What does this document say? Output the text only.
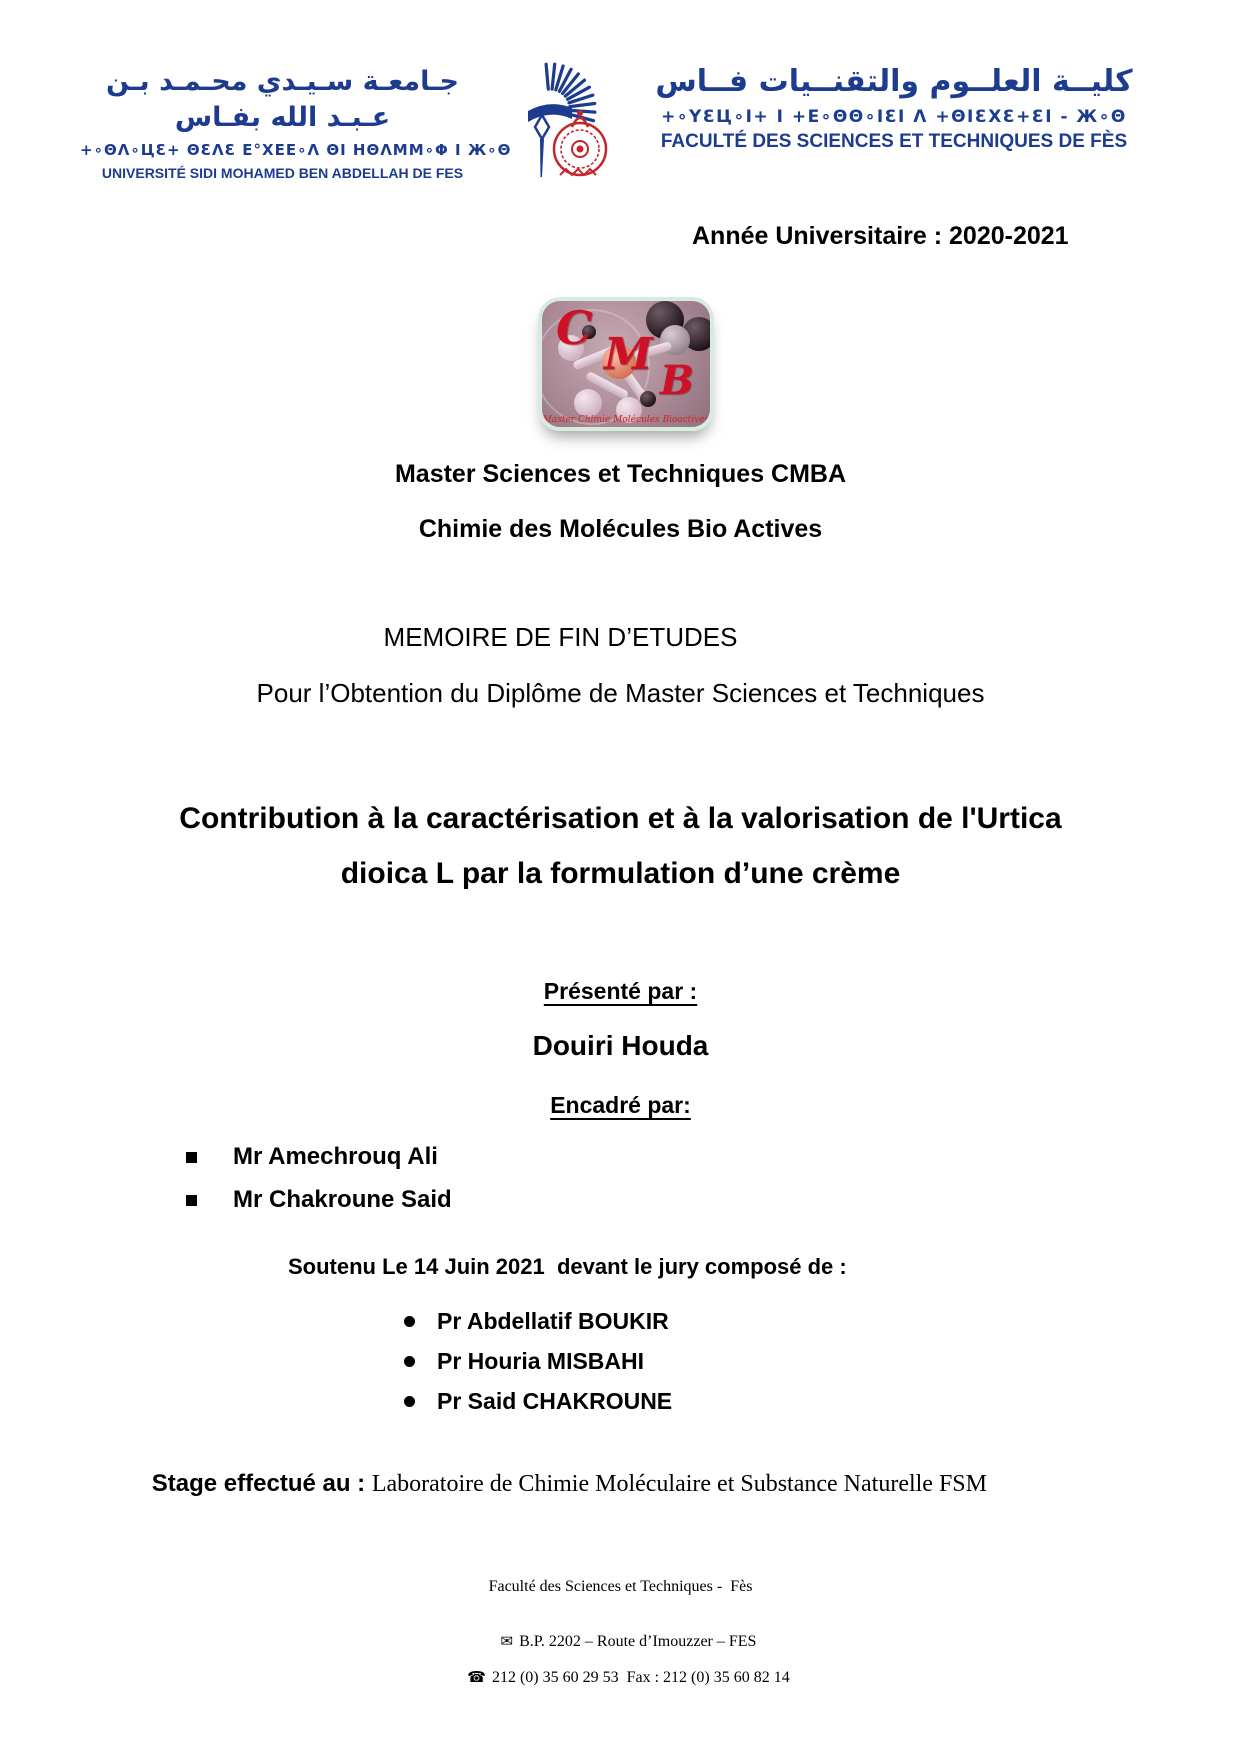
جـامعـة سـيـدي محـمـد بـن عـبـد الله بفـاس
+∘ΘΛ∘ЦƐ+ ΘƐΛƐ Ε°ΧΕΕ∘Λ ΘΙ ΗΘΛΜΜ∘Φ Ι Ж∘Θ
UNIVERSITÉ SIDI MOHAMED BEN ABDELLAH DE FES
كليــة العلــوم والتقنــيات فــاس
+∘ΥƐЦ∘Ι+ Ι +Ε∘ΘΘ∘ΙƐΙ Λ +ΘΙƐΧƐ+ƐΙ - Ж∘Θ
FACULTÉ DES SCIENCES ET TECHNIQUES DE FÈS
Année Universitaire : 2020-2021
C M
B
Master Chimie Molécules Bioactives
Master Sciences et Techniques CMBA
Chimie des Molécules Bio Actives
MEMOIRE DE FIN D’ETUDES
Pour l’Obtention du Diplôme de Master Sciences et Techniques
Contribution à la caractérisation et à la valorisation de l'Urtica
dioica L par la formulation d’une crème
Présenté par :
Douiri Houda
Encadré par:
Mr Amechrouq Ali
Mr Chakroune Said
Soutenu Le 14 Juin 2021  devant le jury composé de :
Pr Abdellatif BOUKIR
Pr Houria MISBAHI
Pr Said CHAKROUNE

Stage effectué au : Laboratoire de Chimie Moléculaire et Substance Naturelle FSM

Faculté des Sciences et Techniques -  Fès

✉ B.P. 2202 – Route d’Imouzzer – FES

☎ 212 (0) 35 60 29 53  Fax : 212 (0) 35 60 82 14
